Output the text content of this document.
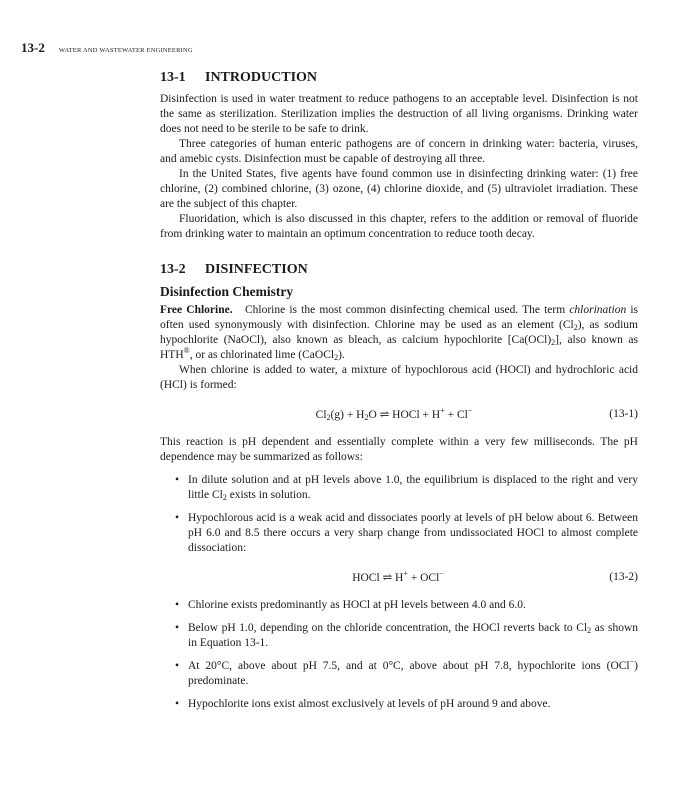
13-2 WATER AND WASTEWATER ENGINEERING
13-1	INTRODUCTION

Disinfection is used in water treatment to reduce pathogens to an acceptable level. Disinfection is not the same as sterilization. Sterilization implies the destruction of all living organisms. Drinking water does not need to be sterile to be safe to drink.

Three categories of human enteric pathogens are of concern in drinking water: bacteria, viruses, and amebic cysts. Disinfection must be capable of destroying all three.

In the United States, five agents have found common use in disinfecting drinking water: (1) free chlorine, (2) combined chlorine, (3) ozone, (4) chlorine dioxide, and (5) ultraviolet irradiation. These are the subject of this chapter.

Fluoridation, which is also discussed in this chapter, refers to the addition or removal of fluoride from drinking water to maintain an optimum concentration to reduce tooth decay.

13-2	DISINFECTION
Disinfection Chemistry

Free Chlorine. Chlorine is the most common disinfecting chemical used. The term chlorination is often used synonymously with disinfection. Chlorine may be used as an element $(Cl_2)$, as sodium hypochlorite (NaOCl), also known as bleach, as calcium hypochlorite $[Ca(OCl)_2]$, also known as HTH®, or as chlorinated lime (CaOCl$_2$).

When chlorine is added to water, a mixture of hypochlorous acid (HOCl) and hydrochloric acid (HCl) is formed:

$Cl_2(g) + H_2O$ ⇌ HOCl + H+ + Cl−	(13-1)

This reaction is pH dependent and essentially complete within a very few milliseconds. The pH dependence may be summarized as follows:

• In dilute solution and at pH levels above 1.0, the equilibrium is displaced to the right and very little $Cl_2$ exists in solution.
• Hypochlorous acid is a weak acid and dissociates poorly at levels of pH below about 6. Between pH 6.0 and 8.5 there occurs a very sharp change from undissociated HOCl to almost complete dissociation:
HOCl ⇌ H+ + OCl−	(13-2)
• Chlorine exists predominantly as HOCl at pH levels between 4.0 and 6.0.
• Below pH 1.0, depending on the chloride concentration, the HOCl reverts back to $Cl_2$ as shown in Equation 13-1.
• At 20°C, above about pH 7.5, and at 0°C, above about pH 7.8, hypochlorite ions (OCl−) predominate.
• Hypochlorite ions exist almost exclusively at levels of pH around 9 and above.
